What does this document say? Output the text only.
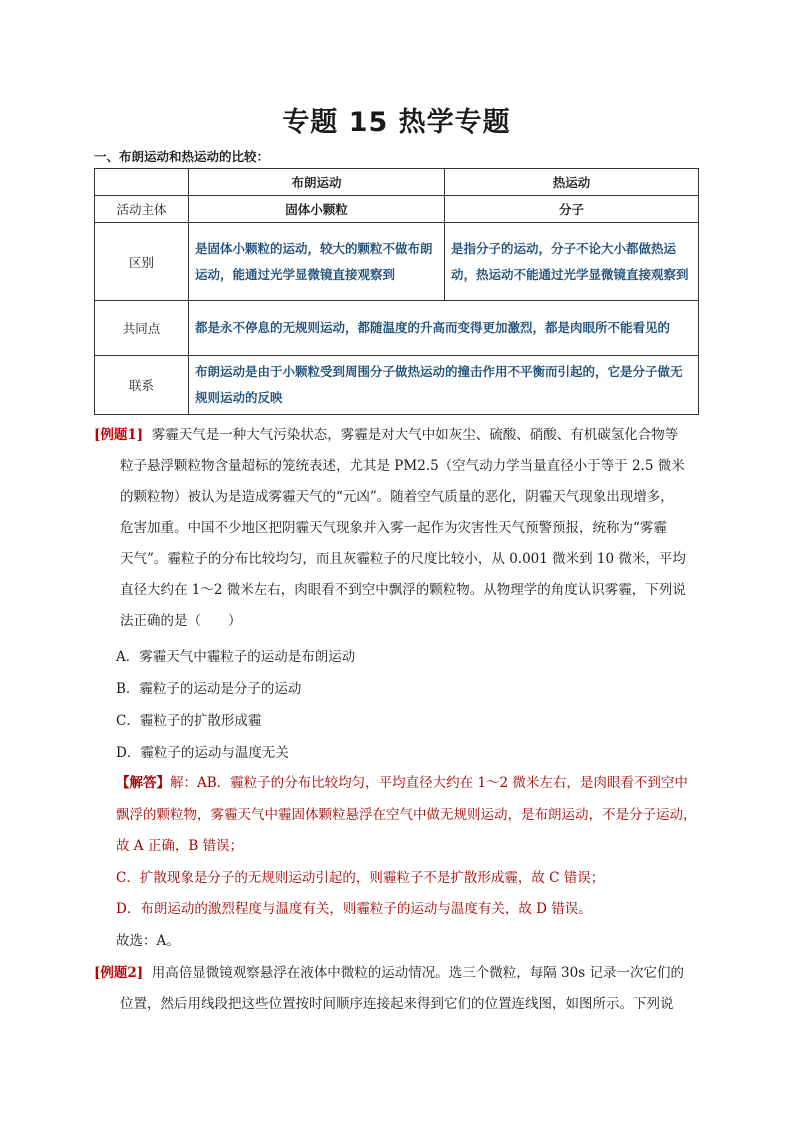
专题 15 热学专题
一、布朗运动和热运动的比较：
	布朗运动	热运动
活动主体	固体小颗粒	分子
区别	是固体小颗粒的运动，较大的颗粒不做布朗运动，能通过光学显微镜直接观察到	是指分子的运动，分子不论大小都做热运动，热运动不能通过光学显微镜直接观察到
共同点	都是永不停息的无规则运动，都随温度的升高而变得更加激烈，都是肉眼所不能看见的	
联系	布朗运动是由于小颗粒受到周围分子做热运动的撞击作用不平衡而引起的，它是分子做无规则运动的反映	

[例题1] 雾霾天气是一种大气污染状态，雾霾是对大气中如灰尘、硫酸、硝酸、有机碳氢化合物等

粒子悬浮颗粒物含量超标的笼统表述，尤其是 PM2.5（空气动力学当量直径小于等于 2.5 微米

的颗粒物）被认为是造成雾霾天气的“元凶”。随着空气质量的恶化，阴霾天气现象出现增多，

危害加重。中国不少地区把阴霾天气现象并入雾一起作为灾害性天气预警预报，统称为“雾霾

天气”。霾粒子的分布比较均匀，而且灰霾粒子的尺度比较小，从 0.001 微米到 10 微米，平均

直径大约在 1～2 微米左右，肉眼看不到空中飘浮的颗粒物。从物理学的角度认识雾霾，下列说

法正确的是（　　）

A．雾霾天气中霾粒子的运动是布朗运动
B．霾粒子的运动是分子的运动
C．霾粒子的扩散形成霾
D．霾粒子的运动与温度无关

【解答】解：AB．霾粒子的分布比较均匀，平均直径大约在 1～2 微米左右，是肉眼看不到空中

飘浮的颗粒物，雾霾天气中霾固体颗粒悬浮在空气中做无规则运动，是布朗运动，不是分子运动，

故 A 正确，B 错误；

C．扩散现象是分子的无规则运动引起的，则霾粒子不是扩散形成霾，故 C 错误；

D．布朗运动的激烈程度与温度有关，则霾粒子的运动与温度有关，故 D 错误。

故选：A。

[例题2] 用高倍显微镜观察悬浮在液体中微粒的运动情况。选三个微粒，每隔 30s 记录一次它们的

位置，然后用线段把这些位置按时间顺序连接起来得到它们的位置连线图，如图所示。下列说
